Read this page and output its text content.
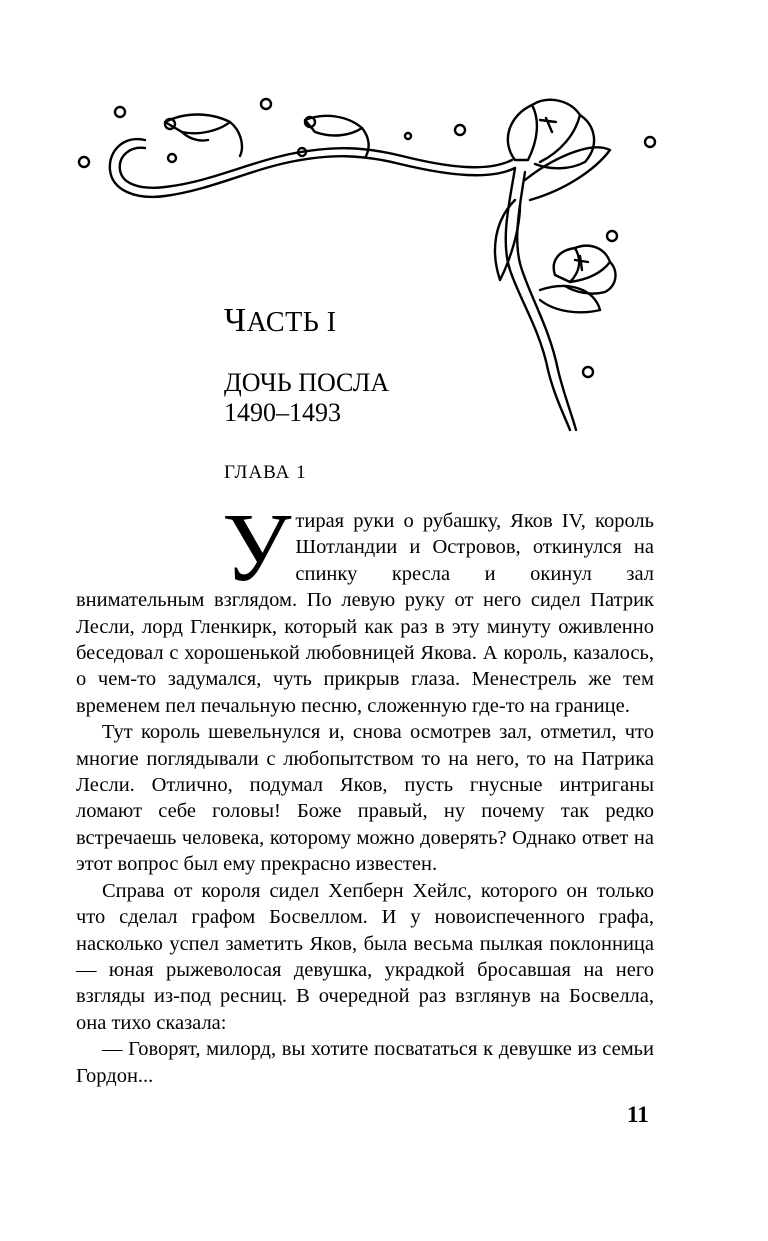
ЧАСТЬ I
ДОЧЬ ПОСЛА
1490–1493
ГЛАВА 1

Утирая руки о рубашку, Яков IV, король Шотландии и Островов, откинулся на спинку кресла и окинул зал внимательным взглядом. По левую руку от него сидел Патрик Лесли, лорд Гленкирк, который как раз в эту минуту оживленно беседовал с хорошенькой любовницей Якова. А король, казалось, о чем-то задумался, чуть прикрыв глаза. Менестрель же тем временем пел печальную песню, сложенную где-то на границе.

Тут король шевельнулся и, снова осмотрев зал, отметил, что многие поглядывали с любопытством то на него, то на Патрика Лесли. Отлично, подумал Яков, пусть гнусные интриганы ломают себе головы! Боже правый, ну почему так редко встречаешь человека, которому можно доверять? Однако ответ на этот вопрос был ему прекрасно известен.

Справа от короля сидел Хепберн Хейлс, которого он только что сделал графом Босвеллом. И у новоиспеченного графа, насколько успел заметить Яков, была весьма пылкая поклонница — юная рыжеволосая девушка, украдкой бросавшая на него взгляды из-под ресниц. В очередной раз взглянув на Босвелла, она тихо сказала:

— Говорят, милорд, вы хотите посвататься к девушке из семьи Гордон...

11
